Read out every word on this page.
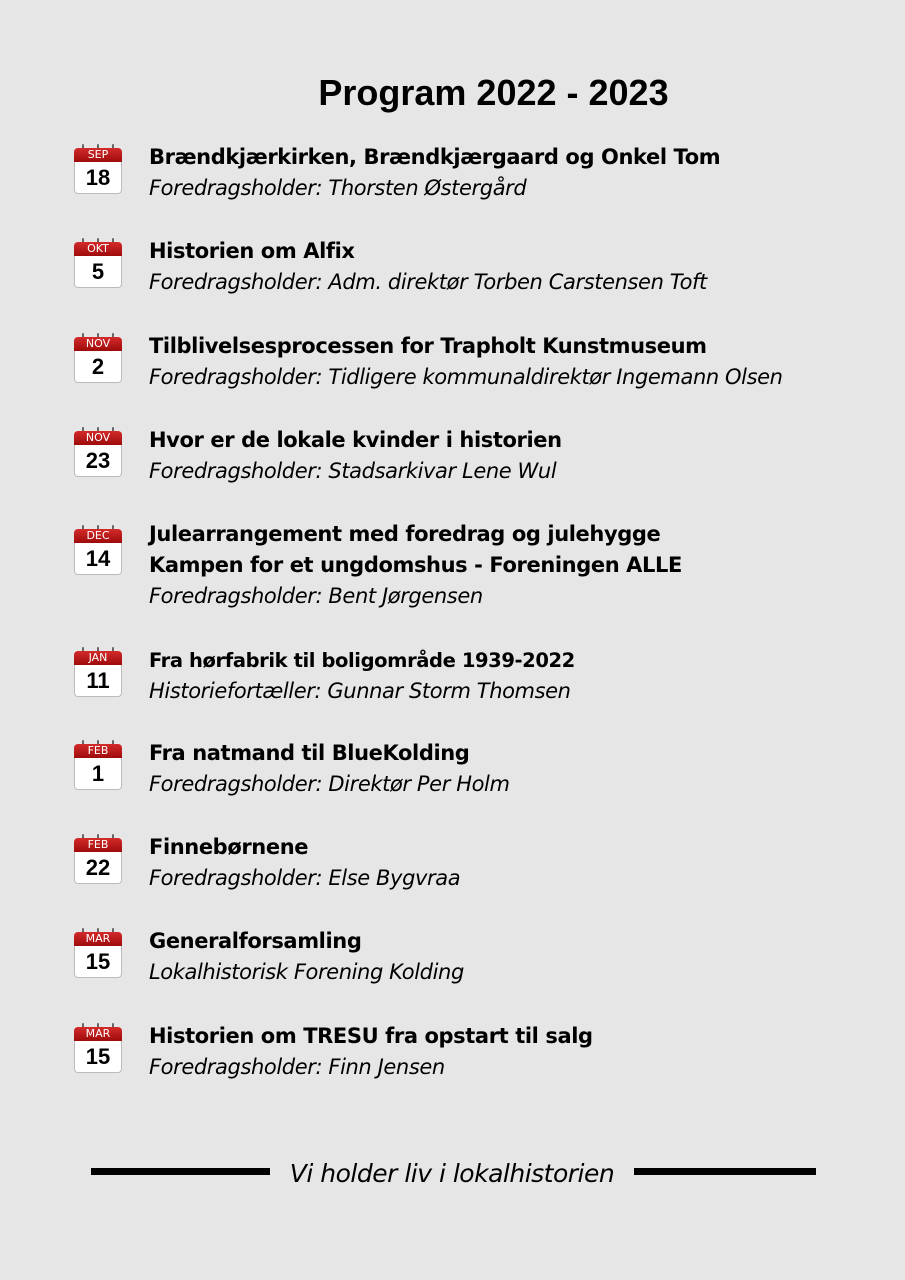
Program 2022 - 2023
SEP
18
Brændkjærkirken, Brændkjærgaard og Onkel Tom
Foredragsholder: Thorsten Østergård
OKT
5
Historien om Alfix
Foredragsholder: Adm. direktør Torben Carstensen Toft
NOV
2
Tilblivelsesprocessen for Trapholt Kunstmuseum
Foredragsholder: Tidligere kommunaldirektør Ingemann Olsen
NOV
23
Hvor er de lokale kvinder i historien
Foredragsholder: Stadsarkivar Lene Wul
DEC
14
Julearrangement med foredrag og julehygge
Kampen for et ungdomshus - Foreningen ALLE
Foredragsholder: Bent Jørgensen
JAN
11
Fra hørfabrik til boligområde 1939-2022
Historiefortæller: Gunnar Storm Thomsen
FEB
1
Fra natmand til BlueKolding
Foredragsholder: Direktør Per Holm
FEB
22
Finnebørnene
Foredragsholder: Else Bygvraa
MAR
15
Generalforsamling
Lokalhistorisk Forening Kolding
MAR
15
Historien om TRESU fra opstart til salg
Foredragsholder: Finn Jensen
Vi holder liv i lokalhistorien
